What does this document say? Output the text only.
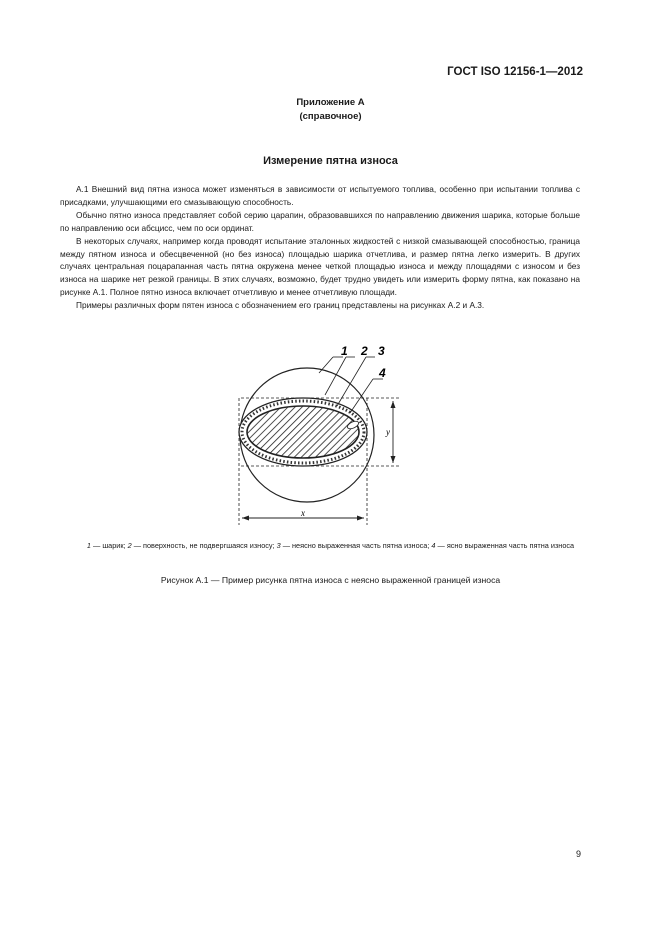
ГОСТ ISO 12156-1—2012
Приложение А
(справочное)
Измерение пятна износа

А.1 Внешний вид пятна износа может изменяться в зависимости от испытуемого топлива, особенно при испытании топлива с присадками, улучшающими его смазывающую способность.

Обычно пятно износа представляет собой серию царапин, образовавшихся по направлению движения шарика, которые больше по направлению оси абсцисс, чем по оси ординат.

В некоторых случаях, например когда проводят испытание эталонных жидкостей с низкой смазывающей способностью, граница между пятном износа и обесцвеченной (но без износа) площадью шарика отчетлива, и размер пятна легко измерить. В других случаях центральная поцарапанная часть пятна окружена менее четкой площадью износа и между площадями с износом и без износа на шарике нет резкой границы. В этих случаях, возможно, будет трудно увидеть или измерить форму пятна, как показано на рисунке А.1. Полное пятно износа включает отчетливую и менее отчетливую площади.

Примеры различных форм пятен износа с обозначением его границ представлены на рисунках А.2 и А.3.

x
y
1 2 3
4
1 — шарик; 2 — поверхность, не подвергшаяся износу; 3 — неясно выраженная часть пятна износа; 4 — ясно выраженная часть пятна износа
Рисунок А.1 — Пример рисунка пятна износа с неясно выраженной границей износа
9
